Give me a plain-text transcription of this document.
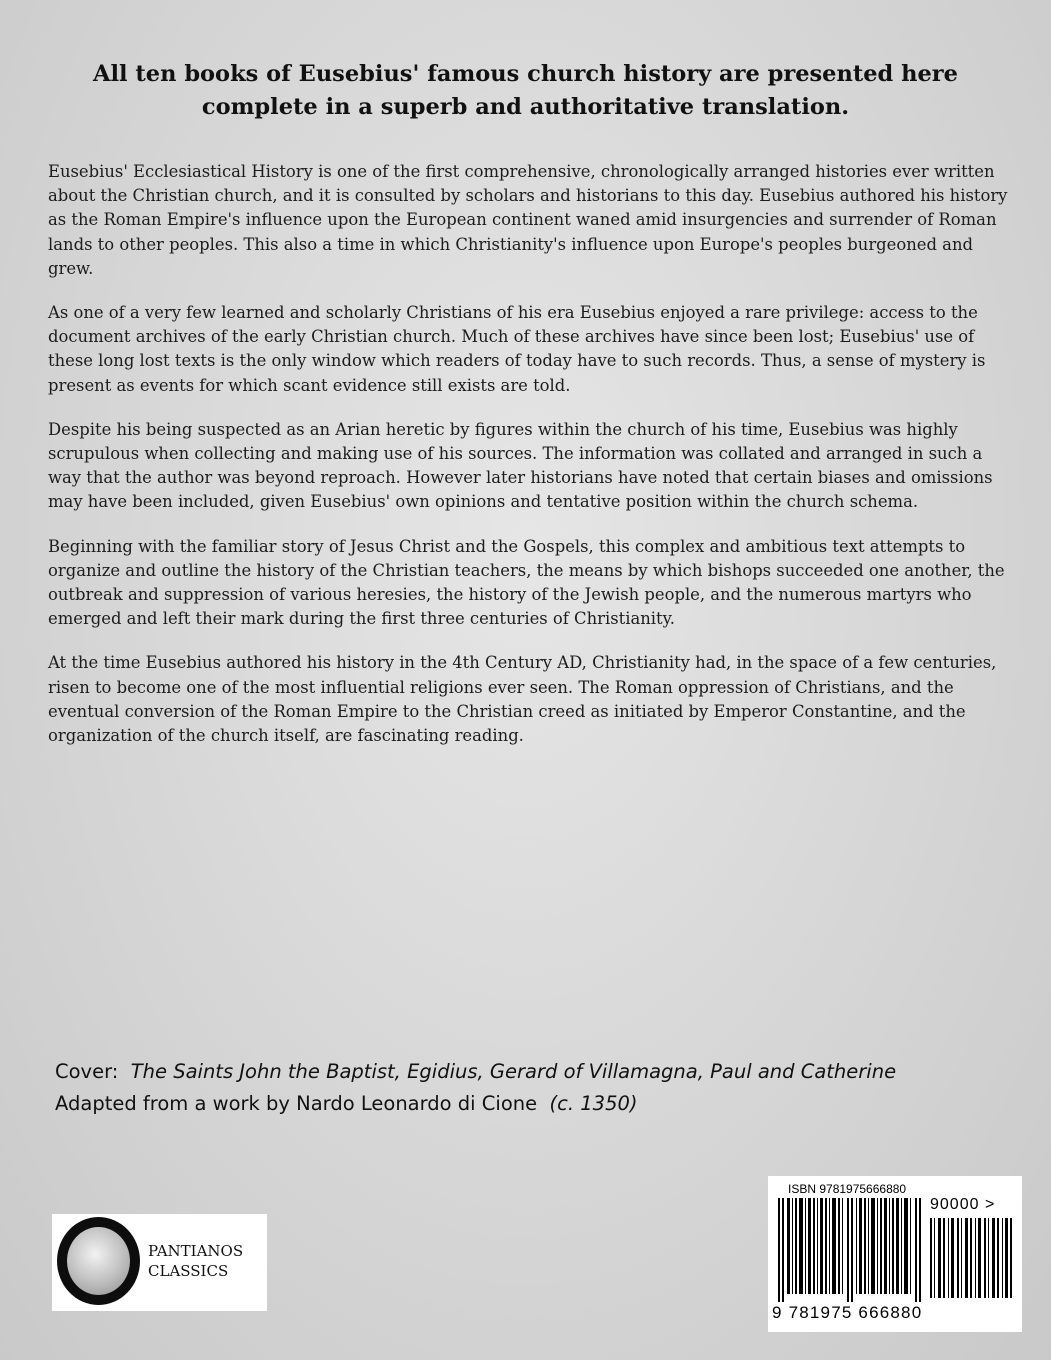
All ten books of Eusebius' famous church history are presented here
complete in a superb and authoritative translation.

Eusebius' Ecclesiastical History is one of the first comprehensive, chronologically arranged histories ever written about the Christian church, and it is consulted by scholars and historians to this day. Eusebius authored his history as the Roman Empire's influence upon the European continent waned amid insurgencies and surrender of Roman lands to other peoples. This also a time in which Christianity's influence upon Europe's peoples burgeoned and grew.

As one of a very few learned and scholarly Christians of his era Eusebius enjoyed a rare privilege: access to the document archives of the early Christian church. Much of these archives have since been lost; Eusebius' use of these long lost texts is the only window which readers of today have to such records. Thus, a sense of mystery is present as events for which scant evidence still exists are told.

Despite his being suspected as an Arian heretic by figures within the church of his time, Eusebius was highly scrupulous when collecting and making use of his sources. The information was collated and arranged in such a way that the author was beyond reproach. However later historians have noted that certain biases and omissions may have been included, given Eusebius' own opinions and tentative position within the church schema.

Beginning with the familiar story of Jesus Christ and the Gospels, this complex and ambitious text attempts to organize and outline the history of the Christian teachers, the means by which bishops succeeded one another, the outbreak and suppression of various heresies, the history of the Jewish people, and the numerous martyrs who emerged and left their mark during the first three centuries of Christianity.

At the time Eusebius authored his history in the 4th Century AD, Christianity had, in the space of a few centuries, risen to become one of the most influential religions ever seen. The Roman oppression of Christians, and the eventual conversion of the Roman Empire to the Christian creed as initiated by Emperor Constantine, and the organization of the church itself, are fascinating reading.

Cover: The Saints John the Baptist, Egidius, Gerard of Villamagna, Paul and Catherine
Adapted from a work by Nardo Leonardo di Cione (c. 1350)
PANTIANOS
CLASSICS
ISBN 9781975666880
90000 >
9 781975 666880
